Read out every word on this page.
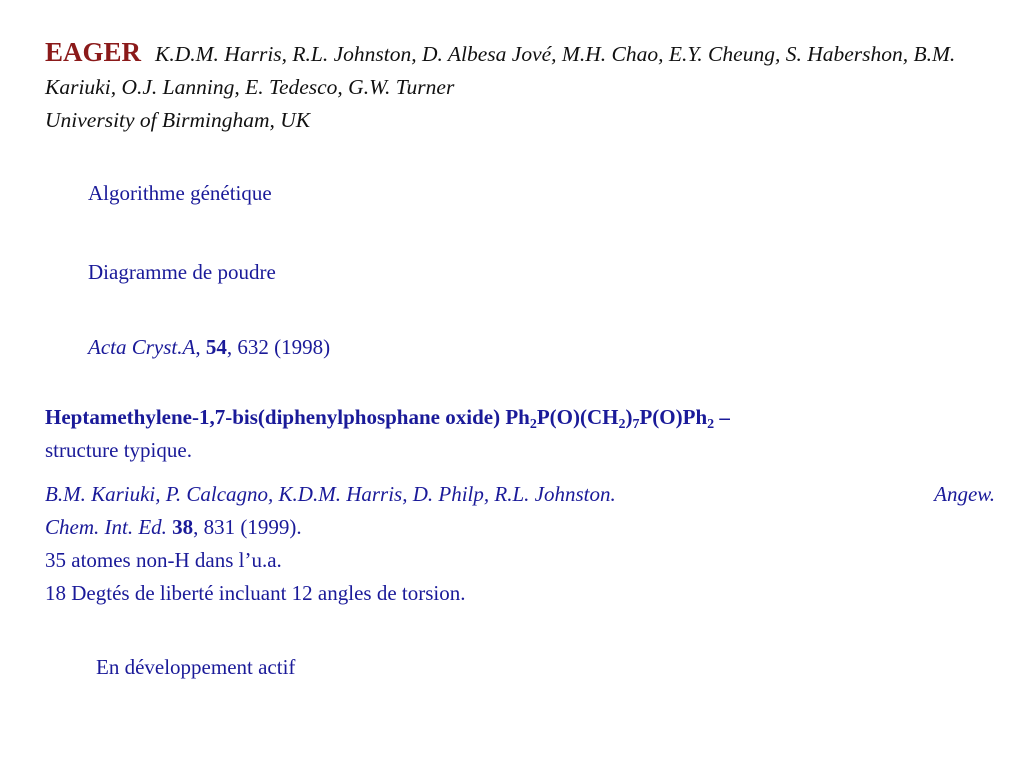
EAGER K.D.M. Harris, R.L. Johnston, D. Albesa Jové, M.H. Chao, E.Y. Cheung, S. Habershon, B.M. Kariuki, O.J. Lanning, E. Tedesco, G.W. Turner
University of Birmingham, UK
Algorithme génétique
Diagramme de poudre
Acta Cryst.A, 54, 632 (1998)
Heptamethylene-1,7-bis(diphenylphosphane oxide) $Ph_2P(O)(CH_2)_7P(O)Ph_2$ –
structure typique.
B.M. Kariuki, P. Calcagno, K.D.M. Harris, D. Philp, R.L. Johnston.	Angew.
Chem. Int. Ed. 38, 831 (1999).
35 atomes non-H dans l’u.a.
18 Degtés de liberté incluant 12 angles de torsion.
En développement actif
